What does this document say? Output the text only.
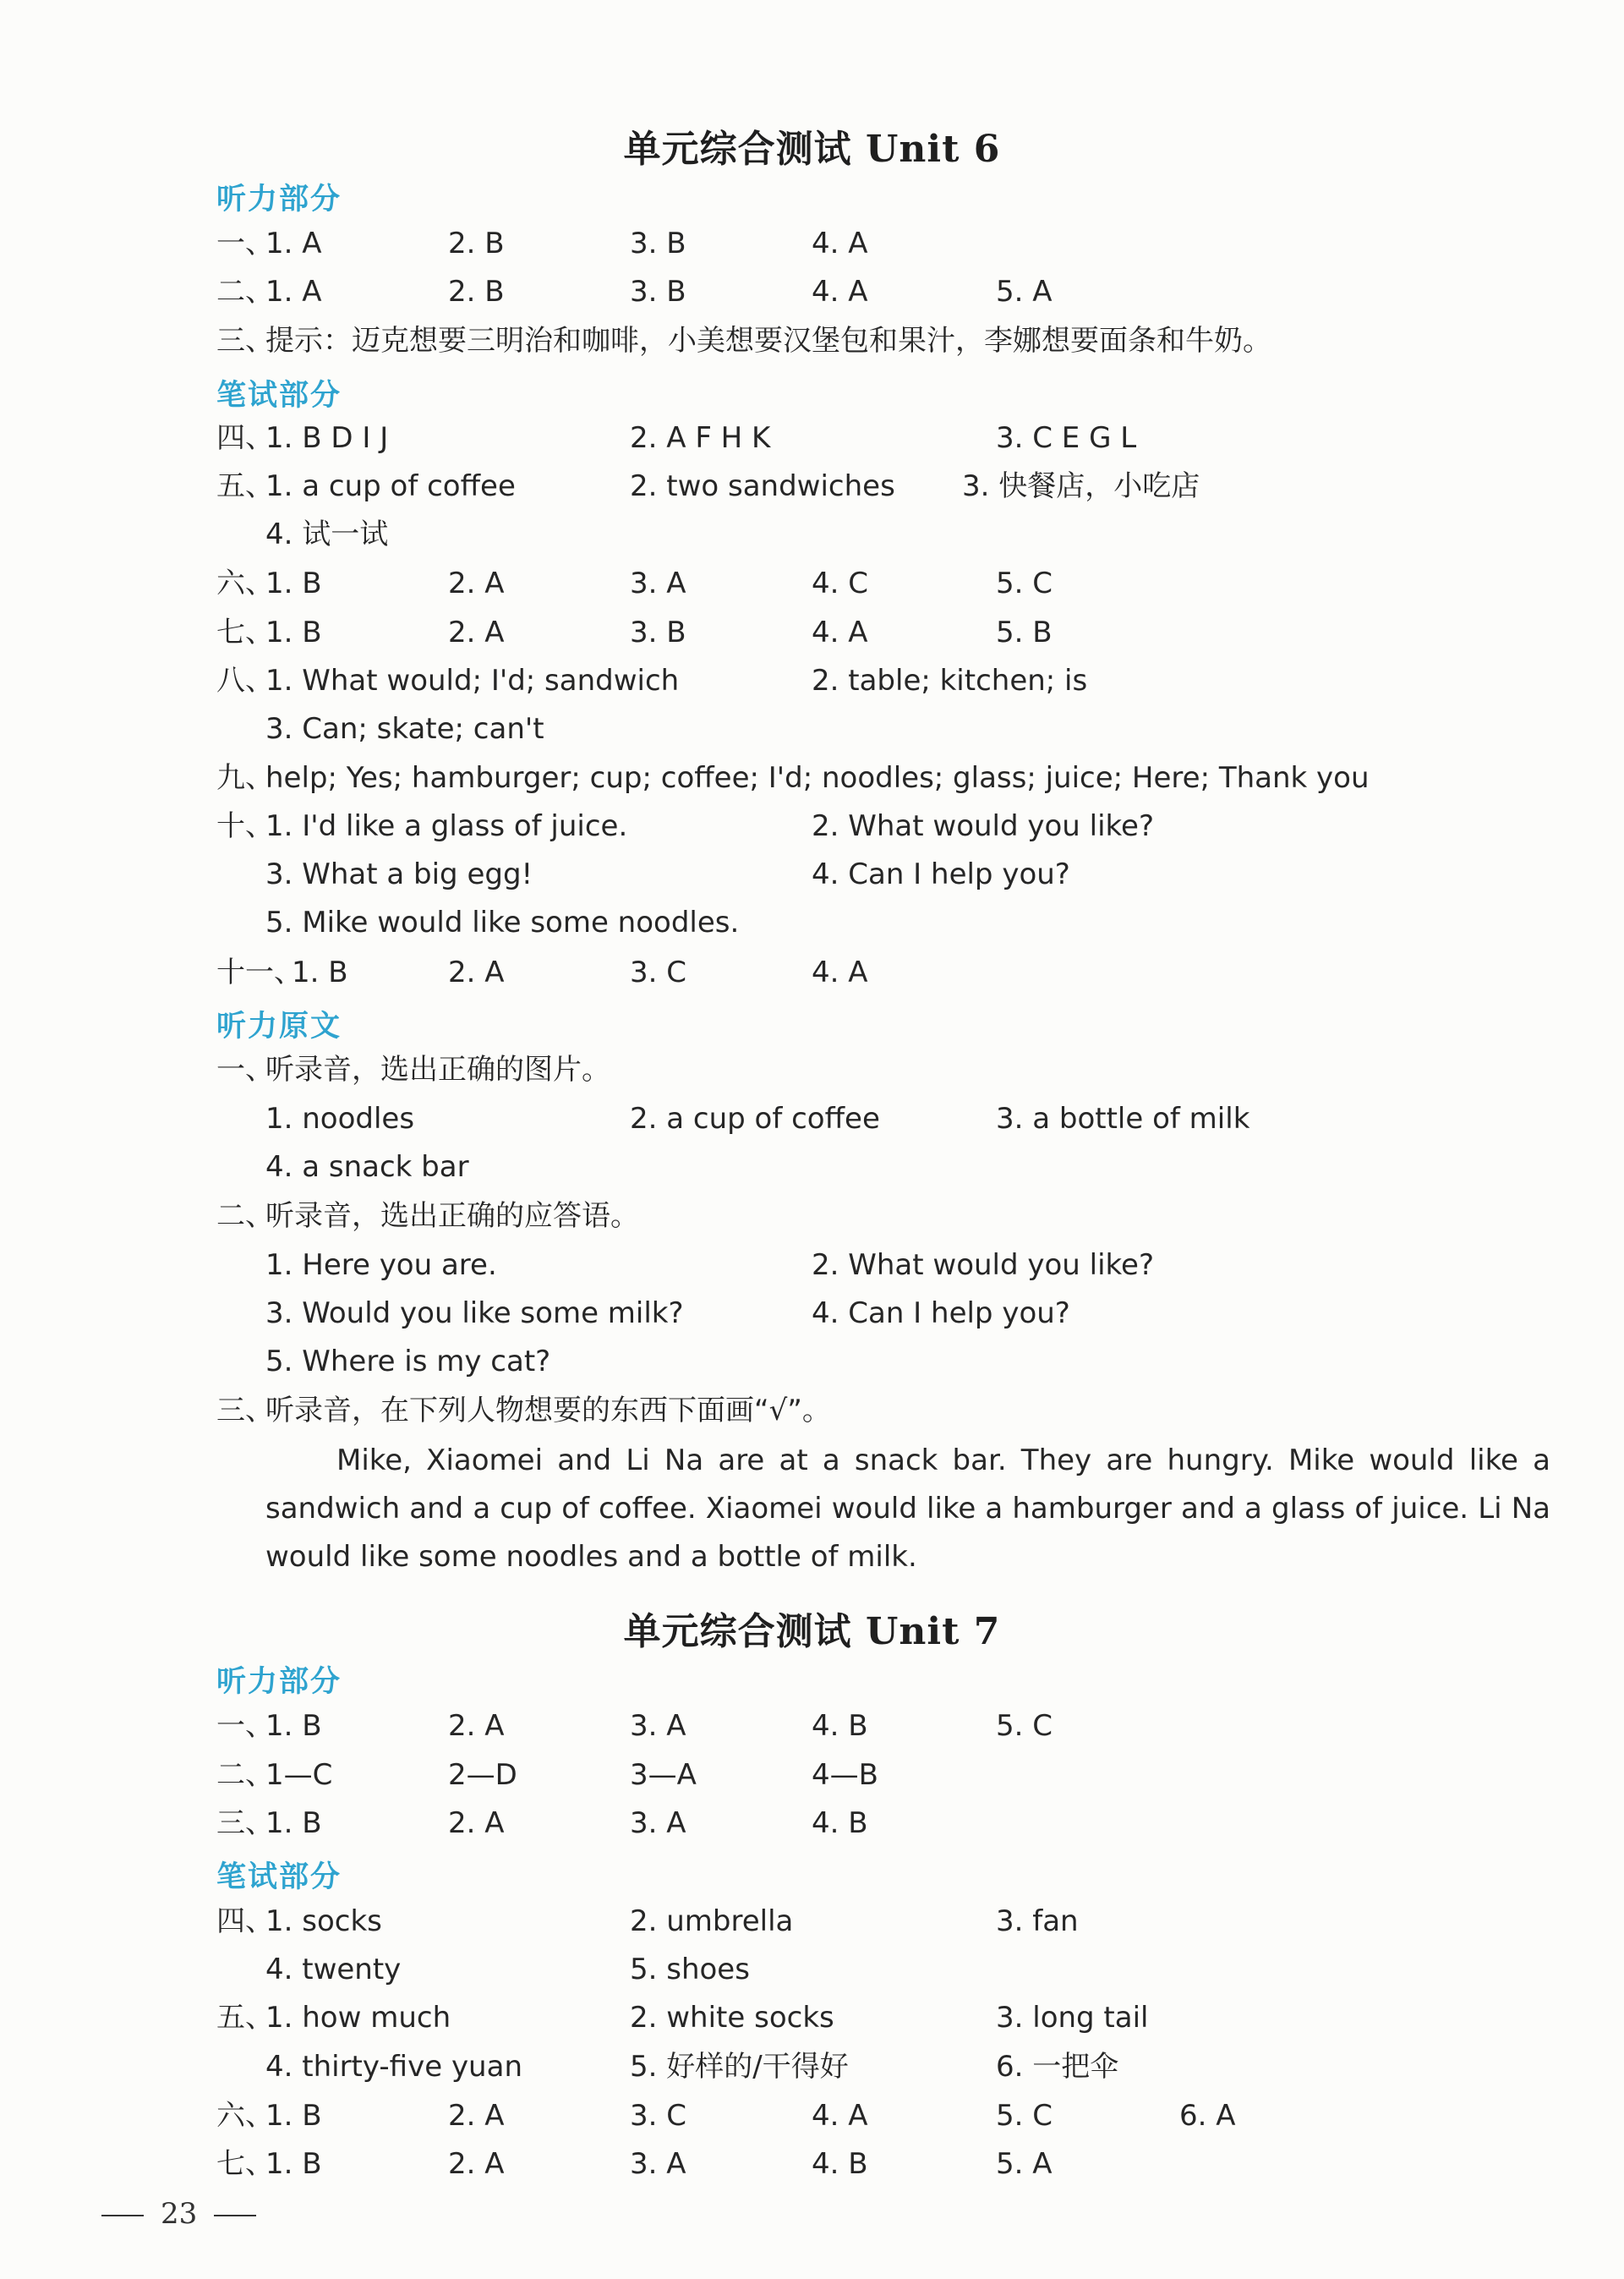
单元综合测试 Unit 6
听力部分
一、
1. A	2. B	3. B	4. A
二、
1. A	2. B	3. B	4. A	5. A
三、
提示：迈克想要三明治和咖啡，小美想要汉堡包和果汁，李娜想要面条和牛奶。
笔试部分
四、
1. B D I J	2. A F H K	3. C E G L
五、
1. a cup of coffee	2. two sandwiches 3. 快餐店，小吃店
4. 试一试
六、
1. B	2. A	3. A	4. C	5. C
七、
1. B	2. A	3. B	4. A	5. B
八、
1. What would; I'd; sandwich	2. table; kitchen; is
3. Can; skate; can't
九、
help; Yes; hamburger; cup; coffee; I'd; noodles; glass; juice; Here; Thank you
十、
1. I'd like a glass of juice.	2. What would you like?
3. What a big egg!	4. Can I help you?
5. Mike would like some noodles.
十一、
1. B	2. A	3. C	4. A
听力原文
一、
听录音，选出正确的图片。
1. noodles	2. a cup of coffee	3. a bottle of milk
4. a snack bar
二、
听录音，选出正确的应答语。
1. Here you are.	2. What would you like?
3. Would you like some milk?	4. Can I help you?
5. Where is my cat?
三、
听录音，在下列人物想要的东西下面画“√”。
Mike, Xiaomei and Li Na are at a snack bar. They are hungry. Mike would like a sandwich and a cup of coffee. Xiaomei would like a hamburger and a glass of juice. Li Na would like some noodles and a bottle of milk.
单元综合测试 Unit 7
听力部分
一、
1. B	2. A	3. A	4. B	5. C
二、
1—C	2—D	3—A	4—B
三、
1. B	2. A	3. A	4. B
笔试部分
四、
1. socks	2. umbrella	3. fan
4. twenty	5. shoes
五、
1. how much	2. white socks	3. long tail
4. thirty-five yuan	5. 好样的/干得好	6. 一把伞
六、
1. B	2. A	3. C	4. A	5. C	6. A
七、
1. B	2. A	3. A	4. B	5. A
23
